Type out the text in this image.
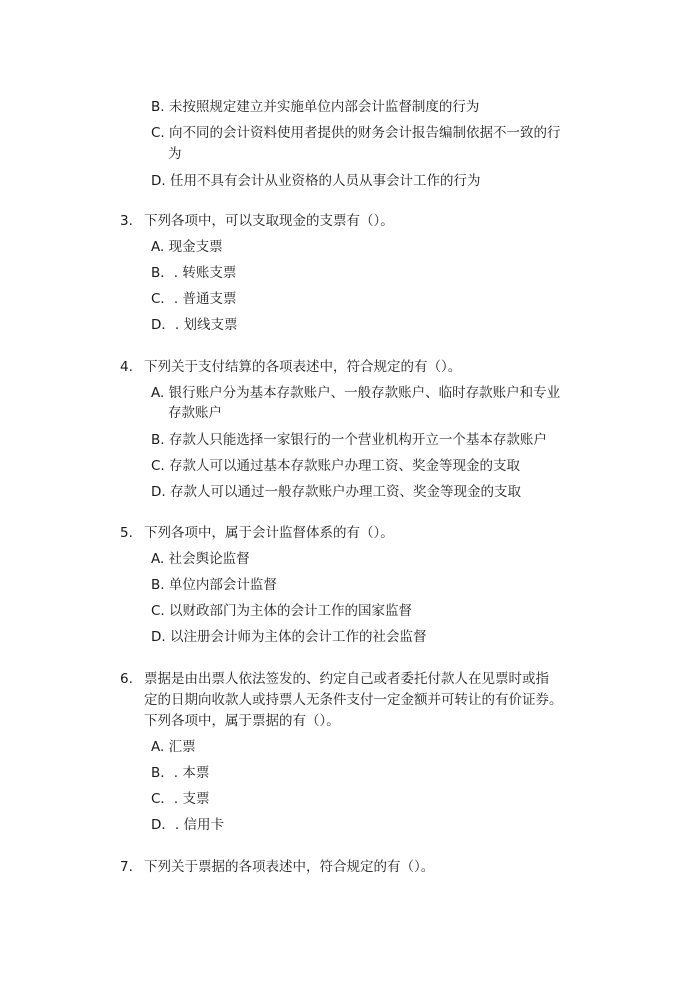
B. 未按照规定建立并实施单位内部会计监督制度的行为
C. 向不同的会计资料使用者提供的财务会计报告编制依据不一致的行
为
D. 任用不具有会计从业资格的人员从事会计工作的行为
3. 下列各项中，可以支取现金的支票有（）。
A. 现金支票
B．. 转账支票
C．. 普通支票
D．. 划线支票
4. 下列关于支付结算的各项表述中，符合规定的有（）。
A. 银行账户分为基本存款账户、一般存款账户、临时存款账户和专业
存款账户
B. 存款人只能选择一家银行的一个营业机构开立一个基本存款账户
C. 存款人可以通过基本存款账户办理工资、奖金等现金的支取
D. 存款人可以通过一般存款账户办理工资、奖金等现金的支取
5. 下列各项中，属于会计监督体系的有（）。
A. 社会舆论监督
B. 单位内部会计监督
C. 以财政部门为主体的会计工作的国家监督
D. 以注册会计师为主体的会计工作的社会监督
6. 票据是由出票人依法签发的、约定自己或者委托付款人在见票时或指
定的日期向收款人或持票人无条件支付一定金额并可转让的有价证券。
下列各项中，属于票据的有（）。
A. 汇票
B．. 本票
C．. 支票
D．. 信用卡
7. 下列关于票据的各项表述中，符合规定的有（）。
